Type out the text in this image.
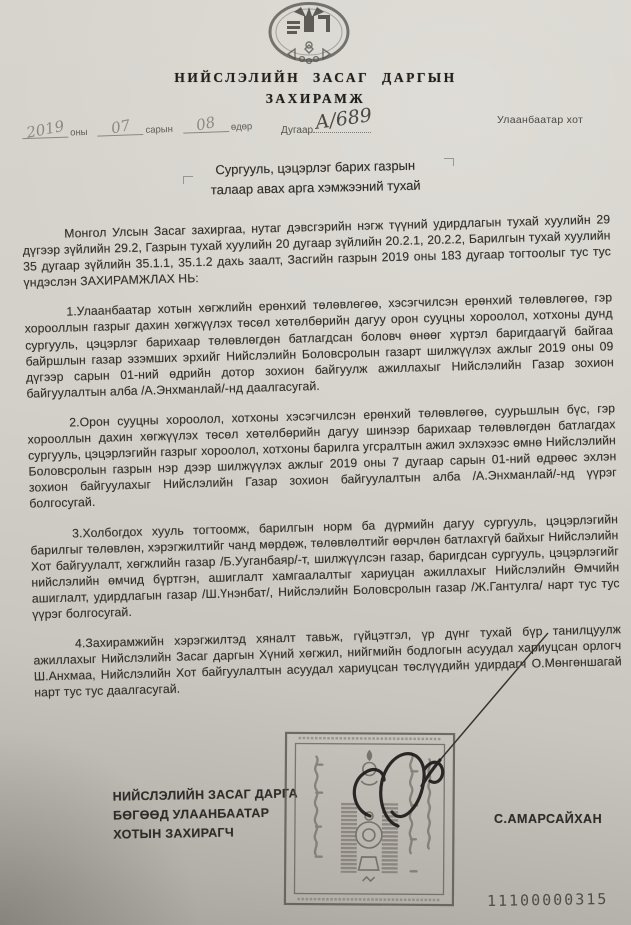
НИЙСЛЭЛИЙН ЗАСАГ ДАРГЫН
ЗАХИРАМЖ
2019 оны 07 сарын 08 өдөр	Дугаар А/689	Улаанбаатар хот
Сургууль, цэцэрлэг барих газрын
талаар авах арга хэмжээний тухай

Монгол Улсын Засаг захиргаа, нутаг дэвсгэрийн нэгж түүний удирдлагын тухай хуулийн 29 дүгээр зүйлийн 29.2, Газрын тухай хуулийн 20 дугаар зүйлийн 20.2.1, 20.2.2, Барилгын тухай хуулийн 35 дугаар зүйлийн 35.1.1, 35.1.2 дахь заалт, Засгийн газрын 2019 оны 183 дугаар тогтоолыг тус тус үндэслэн ЗАХИРАМЖЛАХ НЬ:

1.Улаанбаатар хотын хөгжлийн ерөнхий төлөвлөгөө, хэсэгчилсэн ерөнхий төлөвлөгөө, гэр хорооллын газрыг дахин хөгжүүлэх төсөл хөтөлбөрийн дагуу орон сууцны хороолол, хотхоны дунд сургууль, цэцэрлэг барихаар төлөвлөгдөн батлагдсан боловч өнөөг хүртэл баригдаагүй байгаа байршлын газар эзэмших эрхийг Нийслэлийн Боловсролын газарт шилжүүлэх ажлыг 2019 оны 09 дүгээр сарын 01-ний өдрийн дотор зохион байгуулж ажиллахыг Нийслэлийн Газар зохион байгуулалтын алба /А.Энхманлай/-нд даалгасугай.

2.Орон сууцны хороолол, хотхоны хэсэгчилсэн ерөнхий төлөвлөгөө, суурьшлын бүс, гэр хорооллын дахин хөгжүүлэх төсөл хөтөлбөрийн дагуу шинээр барихаар төлөвлөгдөн батлагдах сургууль, цэцэрлэгийн газрыг хороолол, хотхоны барилга угсралтын ажил эхлэхээс өмнө Нийслэлийн Боловсролын газрын нэр дээр шилжүүлэх ажлыг 2019 оны 7 дугаар сарын 01-ний өдрөөс эхлэн зохион байгуулахыг Нийслэлийн Газар зохион байгуулалтын алба /А.Энхманлай/-нд үүрэг болгосугай.

3.Холбогдох хууль тогтоомж, барилгын норм ба дүрмийн дагуу сургууль, цэцэрлэгийн барилгыг төлөвлөн, хэрэгжилтийг чанд мөрдөж, төлөвлөлтийг өөрчлөн батлахгүй байхыг Нийслэлийн Хот байгуулалт, хөгжлийн газар /Б.Ууганбаяр/-т, шилжүүлсэн газар, баригдсан сургууль, цэцэрлэгийг нийслэлийн өмчид бүртгэн, ашиглалт хамгаалалтыг хариуцан ажиллахыг Нийслэлийн Өмчийн ашиглалт, удирдлагын газар /Ш.Үнэнбат/, Нийслэлийн Боловсролын газар /Ж.Гантулга/ нарт тус тус үүрэг болгосугай.

4.Захирамжийн хэрэгжилтэд хяналт тавьж, гүйцэтгэл, үр дүнг тухай бүр танилцуулж ажиллахыг Нийслэлийн Засаг даргын Хүний хөгжил, нийгмийн бодлогын асуудал хариуцсан орлогч Ш.Анхмаа, Нийслэлийн Хот байгуулалтын асуудал хариуцсан төслүүдийн удирдагч О.Мөнгөншагай нарт тус тус даалгасугай.

НИЙСЛЭЛИЙН ЗАСАГ ДАРГА
БӨГӨӨД УЛААНБААТАР
ХОТЫН ЗАХИРАГЧ
С.АМАРСАЙХАН
11100000315
